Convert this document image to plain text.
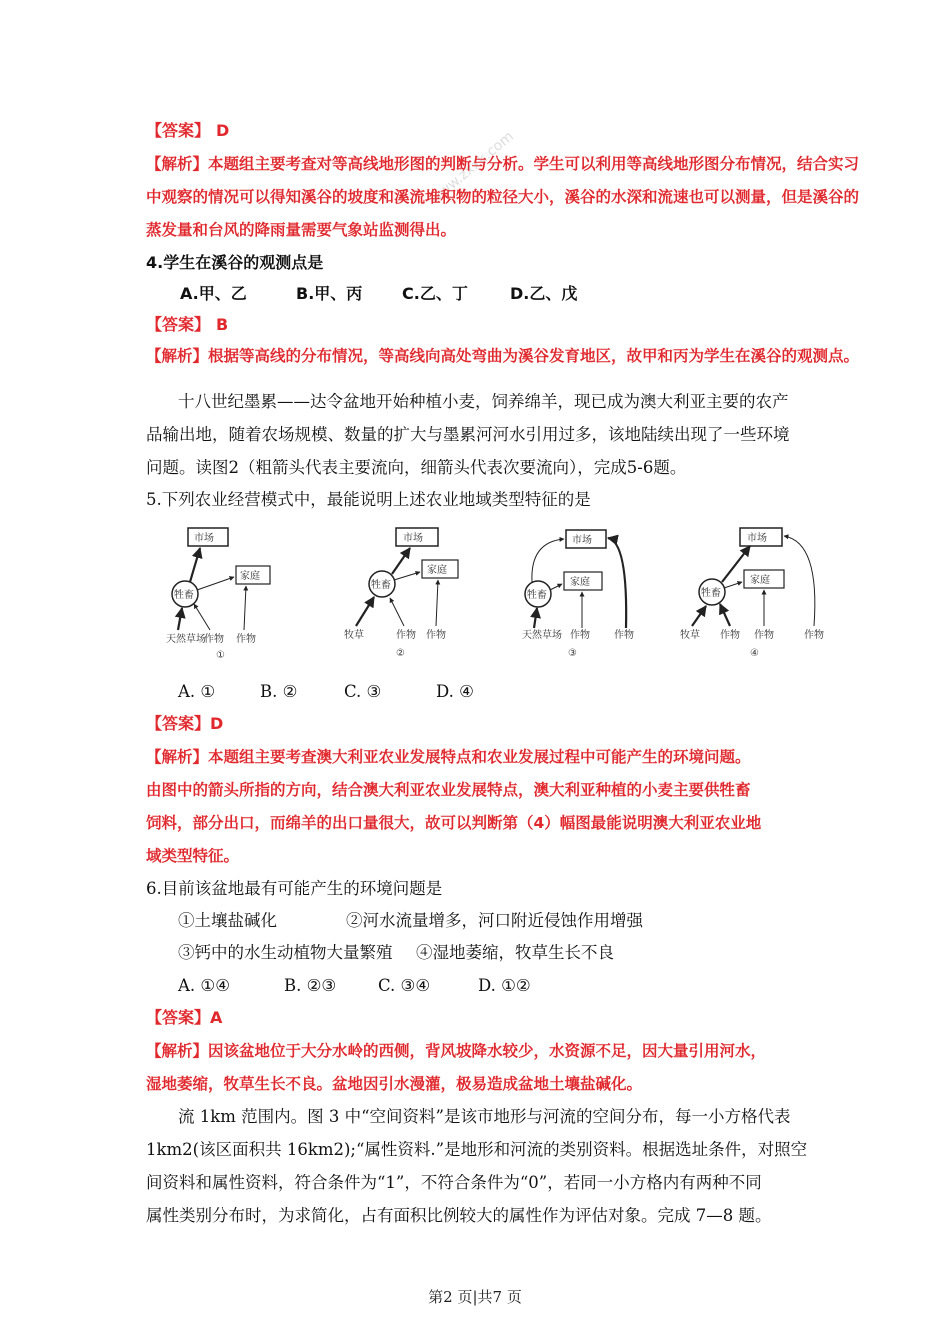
www.zxxk.com
【答案】 D
【解析】本题组主要考查对等高线地形图的判断与分析。学生可以利用等高线地形图分布情况，结合实习
中观察的情况可以得知溪谷的坡度和溪流堆积物的粒径大小，溪谷的水深和流速也可以测量，但是溪谷的
蒸发量和台风的降雨量需要气象站监测得出。
4.学生在溪谷的观测点是
A.甲、乙	B.甲、丙 C.乙、丁	D.乙、戊
【答案】 B
【解析】根据等高线的分布情况，等高线向高处弯曲为溪谷发育地区，故甲和丙为学生在溪谷的观测点。
十八世纪墨累——达令盆地开始种植小麦，饲养绵羊，现已成为澳大利亚主要的农产
品输出地，随着农场规模、数量的扩大与墨累河河水引用过多，该地陆续出现了一些环境
问题。读图2（粗箭头代表主要流向，细箭头代表次要流向），完成5-6题。
5.下列农业经营模式中，最能说明上述农业地域类型特征的是
市场
家庭
牲畜
天然草场
作物 作物
①
市场
家庭
牲畜
牧草	作物 作物
②
市场
家庭
牲畜
天然草场 作物 作物
③
市场
家庭
牲畜
牧草 作物 作物	作物
④
A. ①	B. ②	C. ③	D. ④
【答案】D
【解析】本题组主要考查澳大利亚农业发展特点和农业发展过程中可能产生的环境问题。
由图中的箭头所指的方向，结合澳大利亚农业发展特点，澳大利亚种植的小麦主要供牲畜
饲料，部分出口，而绵羊的出口量很大，故可以判断第（4）幅图最能说明澳大利亚农业地
域类型特征。
6.目前该盆地最有可能产生的环境问题是
①土壤盐碱化	②河水流量增多，河口附近侵蚀作用增强
③钙中的水生动植物大量繁殖 ④湿地萎缩，牧草生长不良
A. ①④	B. ②③	C. ③④	D. ①②
【答案】A
【解析】因该盆地位于大分水岭的西侧，背风坡降水较少，水资源不足，因大量引用河水，
湿地萎缩，牧草生长不良。盆地因引水漫灌，极易造成盆地土壤盐碱化。
流 1km 范围内。图 3 中“空间资料”是该市地形与河流的空间分布，每一小方格代表
1km2(该区面积共 16km2);“属性资料.”是地形和河流的类别资料。根据选址条件，对照空
间资料和属性资料，符合条件为“1”，不符合条件为“0”，若同一小方格内有两种不同
属性类别分布时，为求简化，占有面积比例较大的属性作为评估对象。完成 7—8 题。
第2 页|共7 页
